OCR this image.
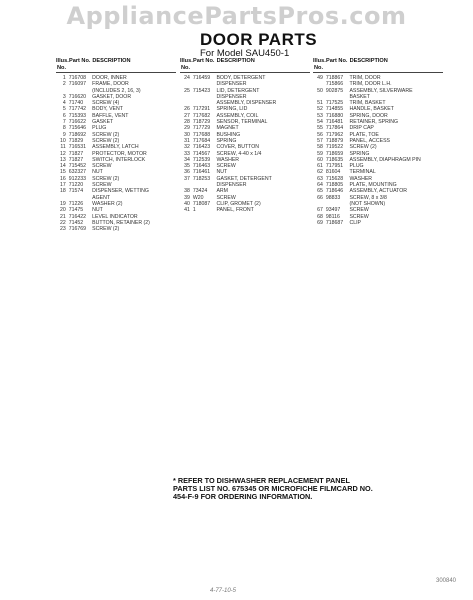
AppliancePartsPros.com
DOOR PARTS
For Model SAU450-1
Illus. No.
Part No. DESCRIPTION
1 716708	DOOR, INNER
2 716097	FRAME, DOOR
(INCLUDES 2, 16, 3)
3 716620	GASKET, DOOR
4 71740	SCREW (4)
5 717742	BODY, VENT
6 715393	BAFFLE, VENT
7 716622	GASKET
8 715646	PLUG
9 718692	SCREW (2)
10 71829	SCREW (2)
11 716531	ASSEMBLY, LATCH
12 71827	PROTECTOR, MOTOR
13 71827	SWITCH, INTERLOCK
14 715452	SCREW
15 632327	NUT
16 912233	SCREW (2)
17 71220	SCREW
18 71574	DISPENSER, WETTING
AGENT
19 71226	WASHER (2)
20 71475	NUT
21 716422	LEVEL INDICATOR
22 71452	BUTTON, RETAINER (2)
23 716769	SCREW (2)
Illus. No.
Part No. DESCRIPTION
24 716459	BODY, DETERGENT
DISPENSER
25 715423	LID, DETERGENT
DISPENSER
ASSEMBLY, DISPENSER
26 717291	SPRING, LID
27 717682	ASSEMBLY, COIL
28 718729	SENSOR, TERMINAL
29 717729	MAGNET
30 717688	BUSHING
31 717684	SPRING
32 716423	COVER, BUTTON
33 714567	SCREW, 4-40 x 1/4
34 712539	WASHER
35 716463	SCREW
36 716461	NUT
37 718253	GASKET, DETERGENT
DISPENSER
38 73424	ARM
39 W20	SCREW
40 718087	CLIP, GROMET (2)
41 1	PANEL, FRONT
Illus. No.
Part No. DESCRIPTION
49 718867	TRIM, DOOR
715866	TRIM, DOOR L.H.
50 902875	ASSEMBLY, SILVERWARE
BASKET
51 717525	TRIM, BASKET
52 714855	HANDLE, BASKET
53 716880	SPRING, DOOR
54 716481	RETAINER, SPRING
55 717864	DRIP CAP
56 717962	PLATE, TOE
57 718879	PANEL, ACCESS
58 719522	SCREW (2)
59 718659	SPRING
60 718635	ASSEMBLY, DIAPHRAGM PIN
61 717951	PLUG
62 81604	TERMINAL
63 715628	WASHER
64 718805	PLATE, MOUNTING
65 718646	ASSEMBLY, ACTUATOR
66 98833	SCREW, 8 x 3/8
(NOT SHOWN)
67 93497	SCREW
68 98116	SCREW
69 718687	CLIP
* REFER TO DISHWASHER REPLACEMENT PANEL PARTS LIST NO. 675345 OR MICROFICHE FILMCARD NO. 454-F-9 FOR ORDERING INFORMATION.
4-77-10-5
300840
